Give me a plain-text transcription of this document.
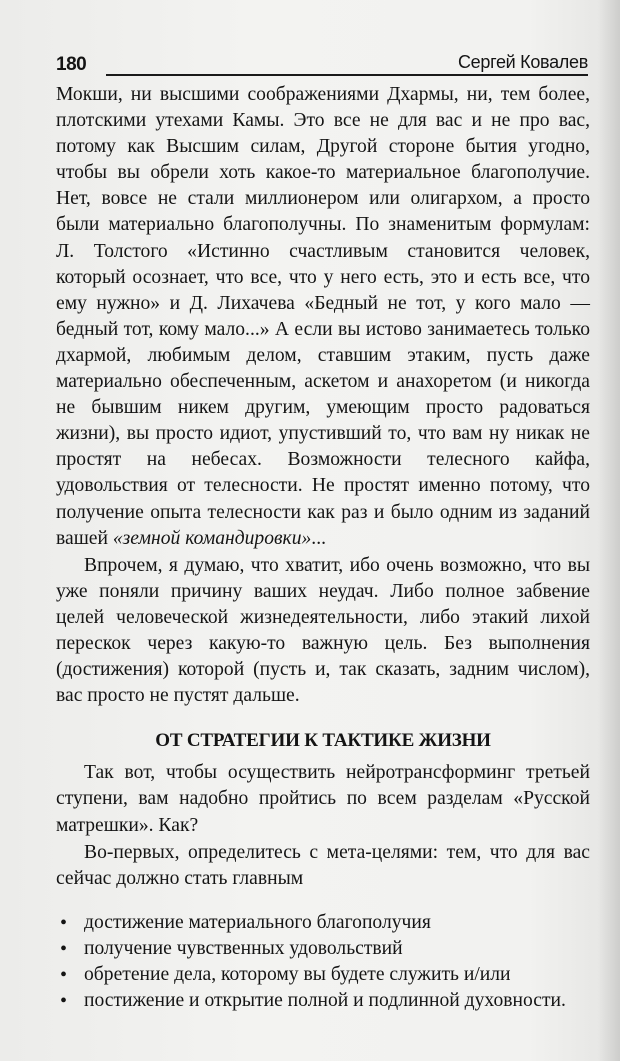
180	Сергей Ковалев

Мокши, ни высшими соображениями Дхармы, ни, тем более, плотскими утехами Камы. Это все не для вас и не про вас, потому как Высшим силам, Другой стороне бытия угодно, чтобы вы обрели хоть какое-то материальное благополучие. Нет, вовсе не стали миллионером или олигархом, а просто были материально благополучны. По знаменитым формулам: Л. Толстого «Истинно счастливым становится человек, который осознает, что все, что у него есть, это и есть все, что ему нужно» и Д. Лихачева «Бедный не тот, у кого мало — бедный тот, кому мало...» А если вы истово занимаетесь только дхармой, любимым делом, ставшим этаким, пусть даже материально обеспеченным, аскетом и анахоретом (и никогда не бывшим никем другим, умеющим просто радоваться жизни), вы просто идиот, упустивший то, что вам ну никак не простят на небесах. Возможности телесного кайфа, удовольствия от телесности. Не простят именно потому, что получение опыта телесности как раз и было одним из заданий вашей «земной командировки»...

Впрочем, я думаю, что хватит, ибо очень возможно, что вы уже поняли причину ваших неудач. Либо полное забвение целей человеческой жизнедеятельности, либо этакий лихой перескок через какую-то важную цель. Без выполнения (достижения) которой (пусть и, так сказать, задним числом), вас просто не пустят дальше.

ОТ СТРАТЕГИИ К ТАКТИКЕ ЖИЗНИ

Так вот, чтобы осуществить нейротрансформинг третьей ступени, вам надобно пройтись по всем разделам «Русской матрешки». Как?

Во-первых, определитесь с мета-целями: тем, что для вас сейчас должно стать главным

• достижение материального благополучия
• получение чувственных удовольствий
• обретение дела, которому вы будете служить и/или
• постижение и открытие полной и подлинной духовности.
